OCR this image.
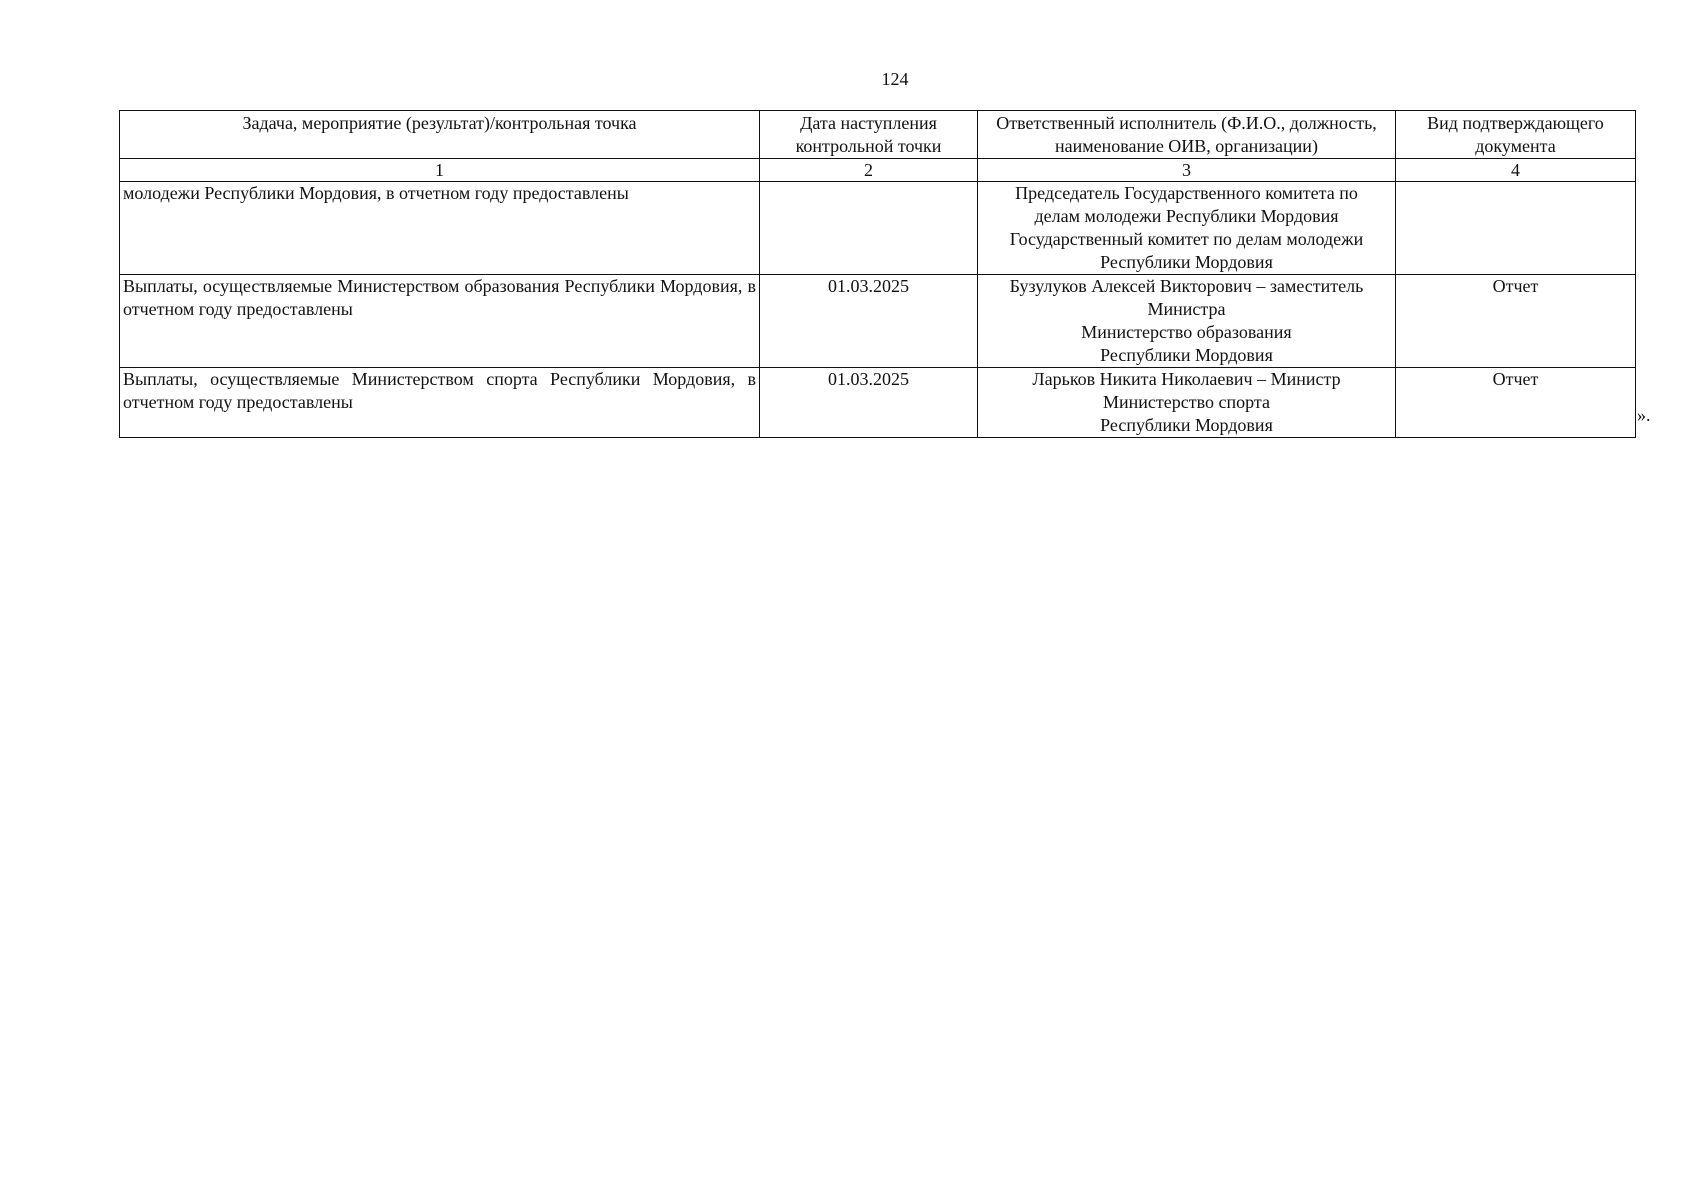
124
Задача, мероприятие (результат)/контрольная точка	Дата наступления контрольной точки	Ответственный исполнитель (Ф.И.О., должность, наименование ОИВ, организации)	Вид подтверждающего документа
1	2	3	4
молодежи Республики Мордовия, в отчетном году предоставлены		Председатель Государственного комитета по
делам молодежи Республики Мордовия
Государственный комитет по делам молодежи
Республики Мордовия	

Выплаты, осуществляемые Министерством образования Республики Мордовия, в отчетном году предоставлены	01.03.2025	Бузулуков Алексей Викторович – заместитель
Министра
Министерство образования
Республики Мордовия	Отчет
Выплаты, осуществляемые Министерством спорта Республики Мордовия, в отчетном году предоставлены	01.03.2025	Ларьков Никита Николаевич – Министр
Министерство спорта
Республики Мордовия	Отчет
».
